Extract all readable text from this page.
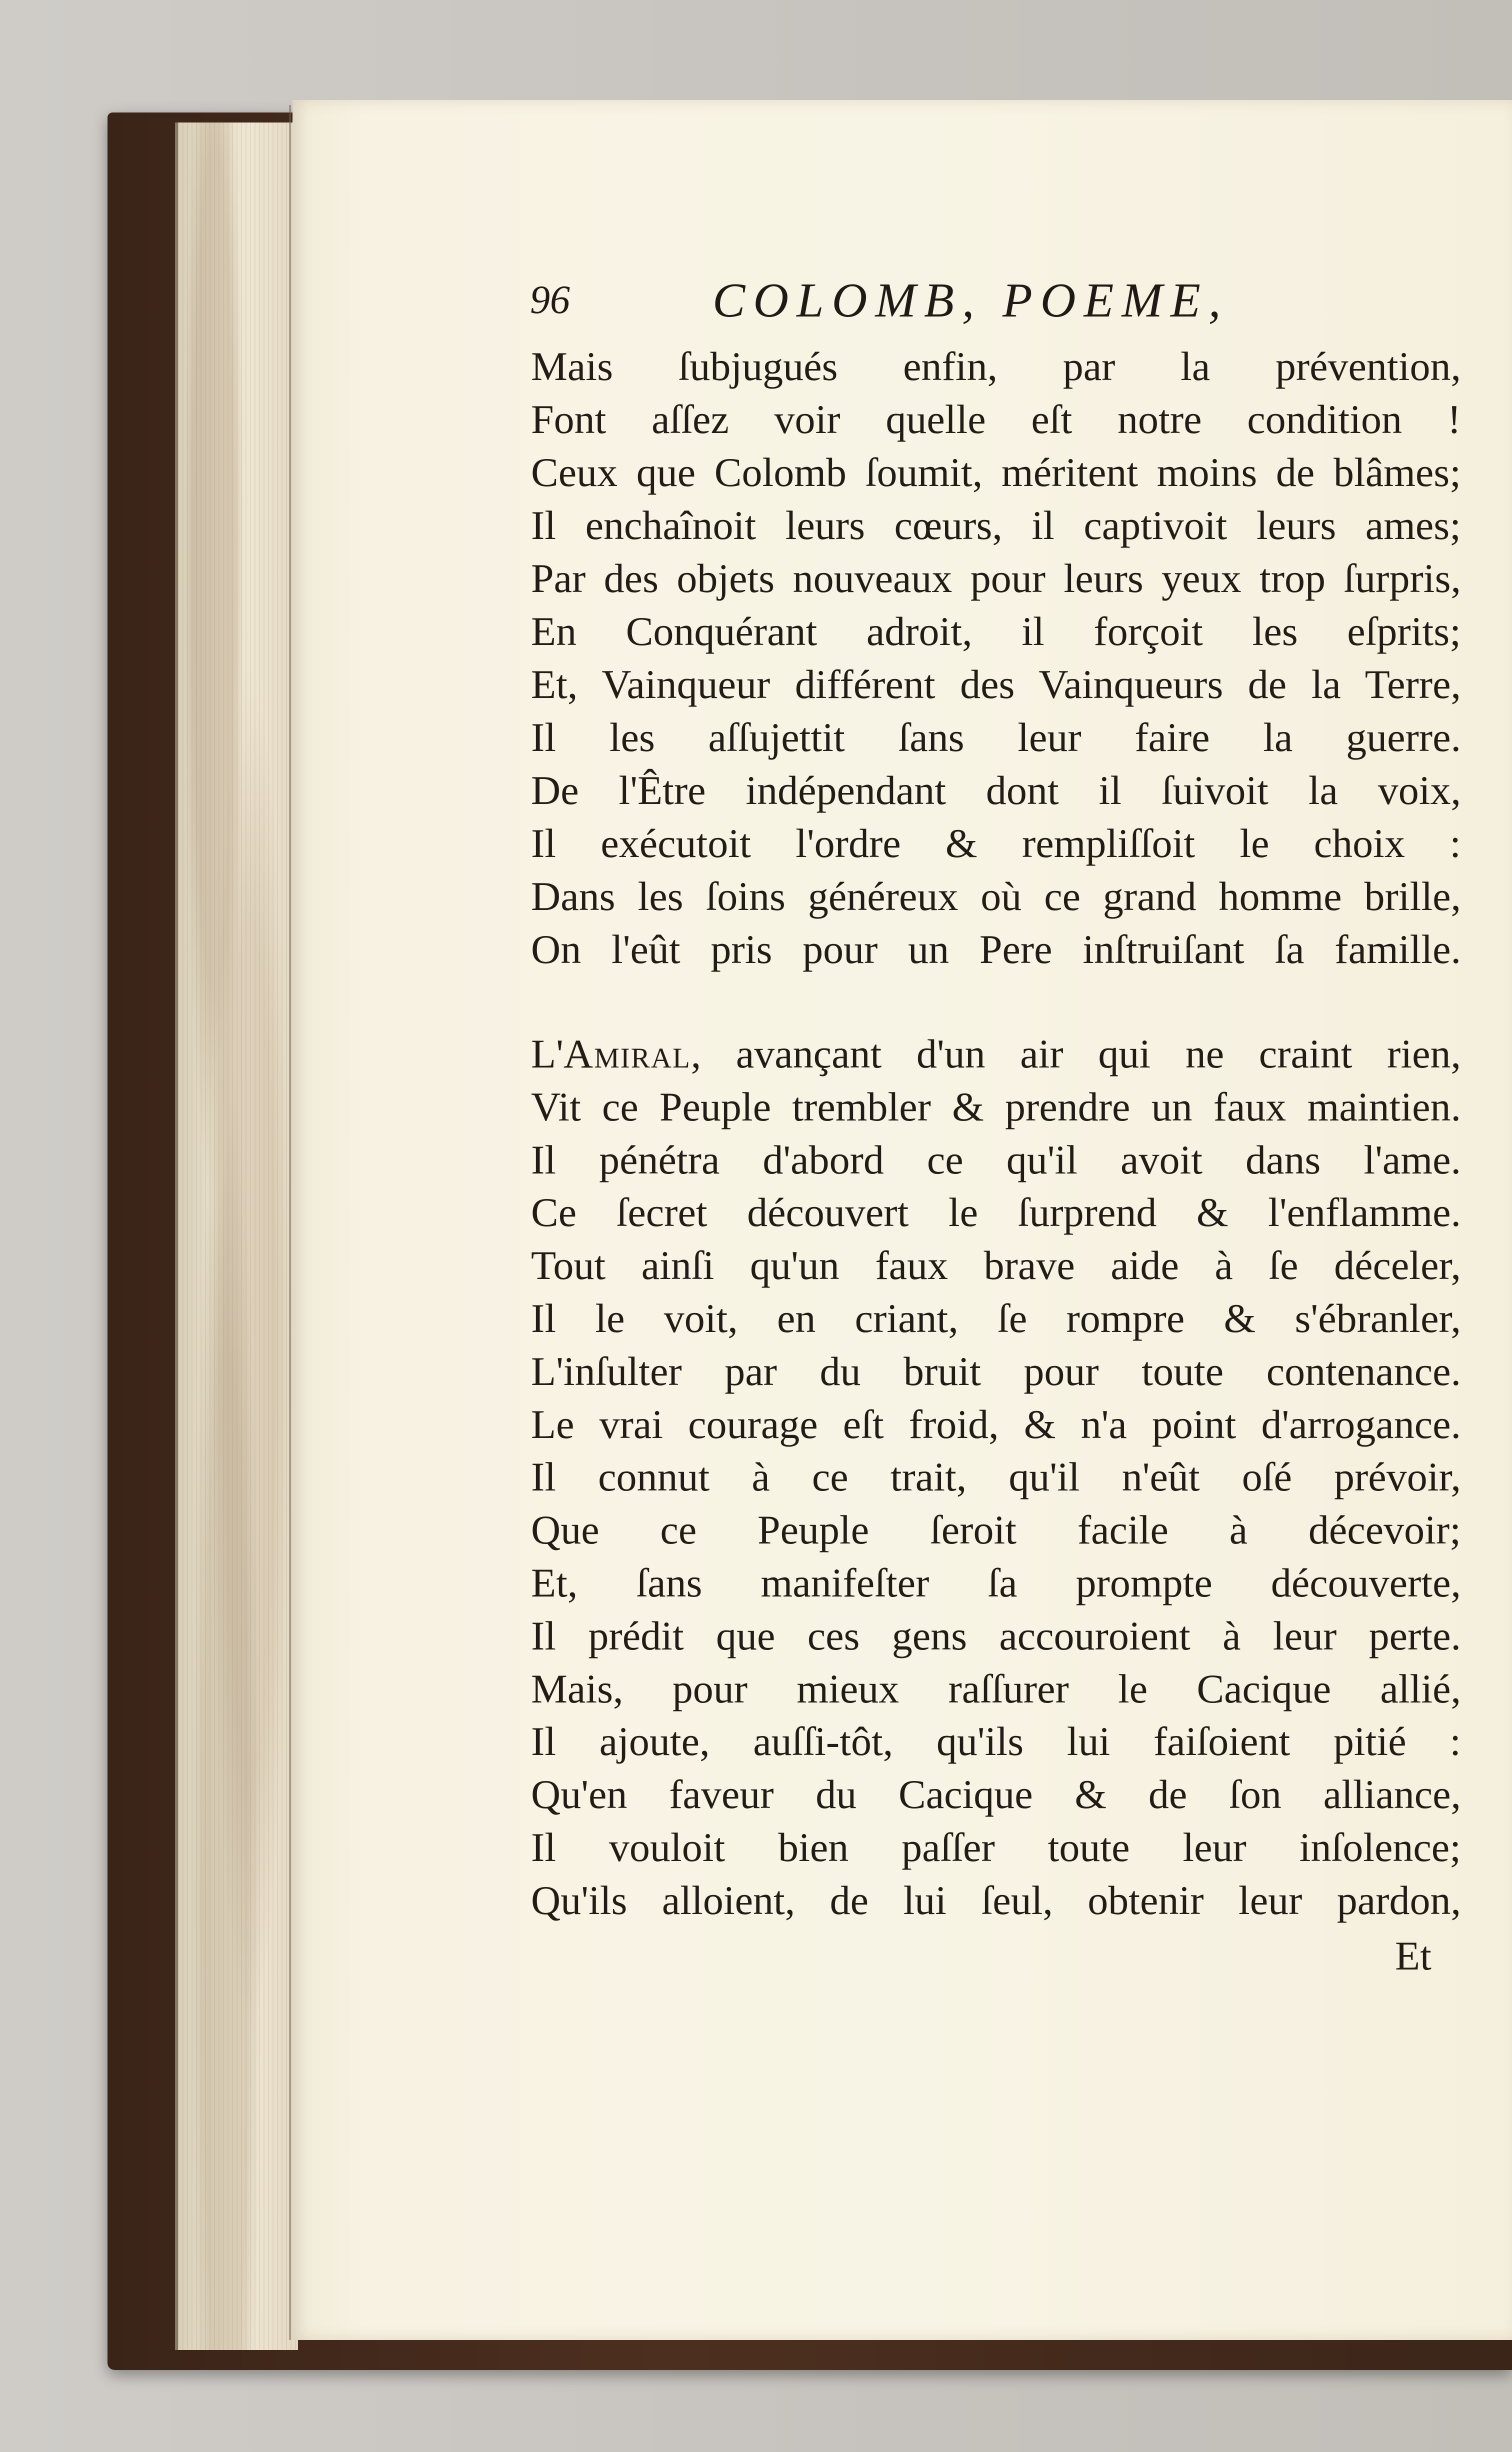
96	COLOMB, POEME,
Mais ſubjugués enfin, par la prévention,
Font aſſez voir quelle eſt notre condition !
Ceux que Colomb ſoumit, méritent moins de blâmes;
Il enchaînoit leurs cœurs, il captivoit leurs ames;
Par des objets nouveaux pour leurs yeux trop ſurpris,
En Conquérant adroit, il forçoit les eſprits;
Et, Vainqueur différent des Vainqueurs de la Terre,
Il les aſſujettit ſans leur faire la guerre.
De l'Être indépendant dont il ſuivoit la voix,
Il exécutoit l'ordre & rempliſſoit le choix :
Dans les ſoins généreux où ce grand homme brille,
On l'eût pris pour un Pere inſtruiſant ſa famille.
L'Amiral, avançant d'un air qui ne craint rien,
Vit ce Peuple trembler & prendre un faux maintien.
Il pénétra d'abord ce qu'il avoit dans l'ame.
Ce ſecret découvert le ſurprend & l'enflamme.
Tout ainſi qu'un faux brave aide à ſe déceler,
Il le voit, en criant, ſe rompre & s'ébranler,
L'inſulter par du bruit pour toute contenance.
Le vrai courage eſt froid, & n'a point d'arrogance.
Il connut à ce trait, qu'il n'eût oſé prévoir,
Que ce Peuple ſeroit facile à décevoir;
Et, ſans manifeſter ſa prompte découverte,
Il prédit que ces gens accouroient à leur perte.
Mais, pour mieux raſſurer le Cacique allié,
Il ajoute, auſſi-tôt, qu'ils lui faiſoient pitié :
Qu'en faveur du Cacique & de ſon alliance,
Il vouloit bien paſſer toute leur inſolence;
Qu'ils alloient, de lui ſeul, obtenir leur pardon,
Et
